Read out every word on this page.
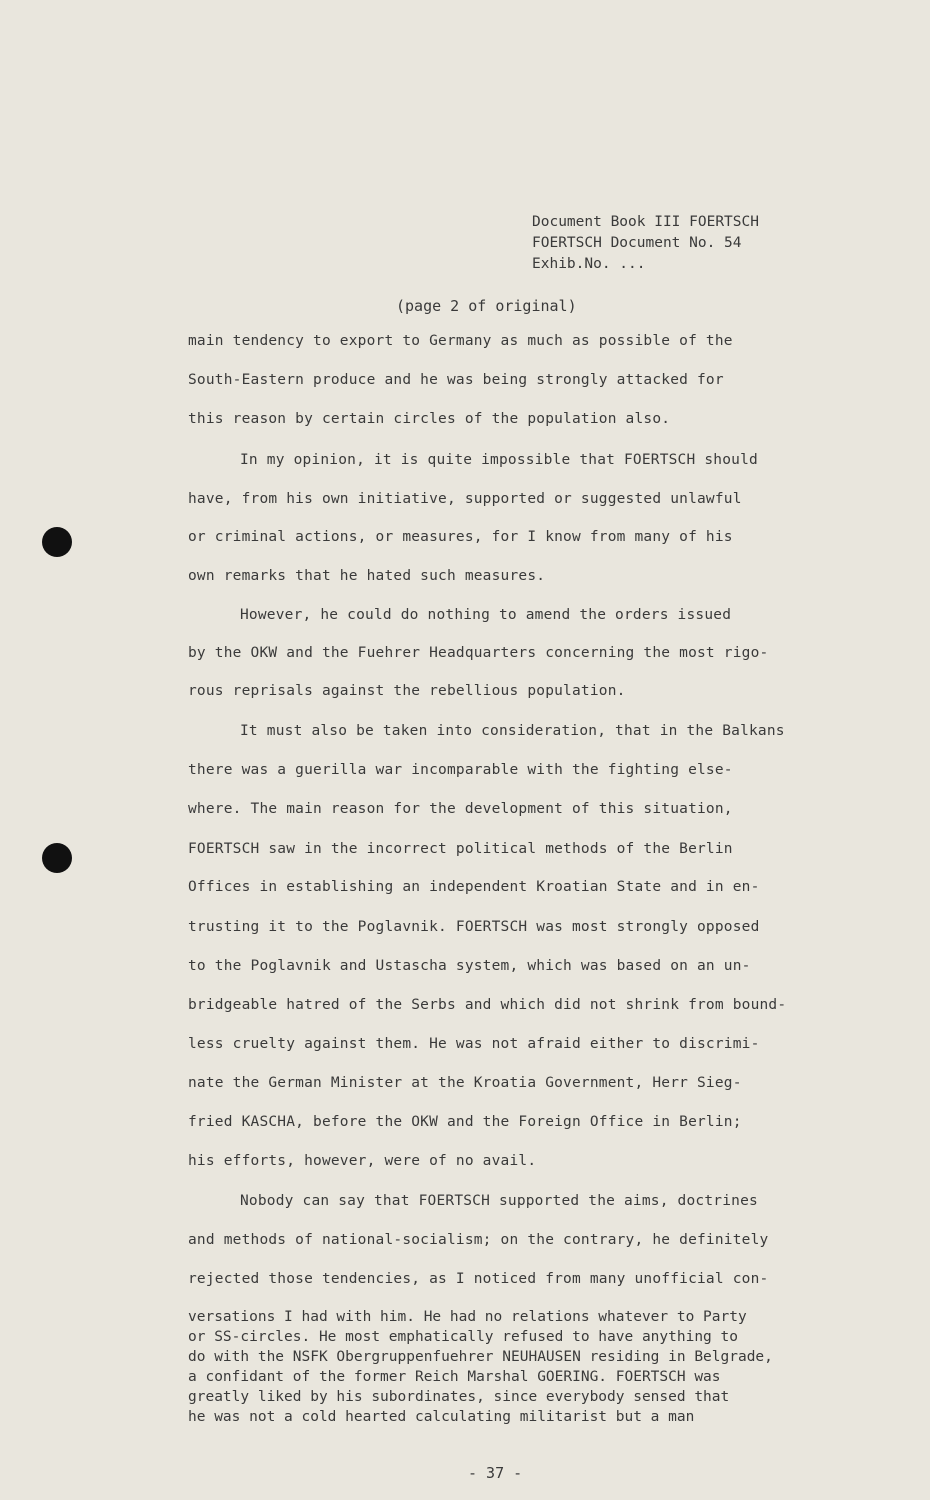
Document Book III FOERTSCH
FOERTSCH Document No. 54
Exhib.No. ...
(page 2 of original)
main tendency to export to Germany as much as possible of the
South-Eastern produce and he was being strongly attacked for
this reason by certain circles of the population also.
In my opinion, it is quite impossible that FOERTSCH should
have, from his own initiative, supported or suggested unlawful
or criminal actions, or measures, for I know from many of his
own remarks that he hated such measures.
However, he could do nothing to amend the orders issued
by the OKW and the Fuehrer Headquarters concerning the most rigo-
rous reprisals against the rebellious population.
It must also be taken into consideration, that in the Balkans
there was a guerilla war incomparable with the fighting else-
where. The main reason for the development of this situation,
FOERTSCH saw in the incorrect political methods of the Berlin
Offices in establishing an independent Kroatian State and in en-
trusting it to the Poglavnik. FOERTSCH was most strongly opposed
to the Poglavnik and Ustascha system, which was based on an un-
bridgeable hatred of the Serbs and which did not shrink from bound-
less cruelty against them. He was not afraid either to discrimi-
nate the German Minister at the Kroatia Government, Herr Sieg-
fried KASCHA, before the OKW and the Foreign Office in Berlin;
his efforts, however, were of no avail.
Nobody can say that FOERTSCH supported the aims, doctrines
and methods of national-socialism; on the contrary, he definitely
rejected those tendencies, as I noticed from many unofficial con-
versations I had with him. He had no relations whatever to Party
or SS-circles. He most emphatically refused to have anything to
do with the NSFK Obergruppenfuehrer NEUHAUSEN residing in Belgrade,
a confidant of the former Reich Marshal GOERING. FOERTSCH was
greatly liked by his subordinates, since everybody sensed that
he was not a cold hearted calculating militarist but a man
- 37 -
